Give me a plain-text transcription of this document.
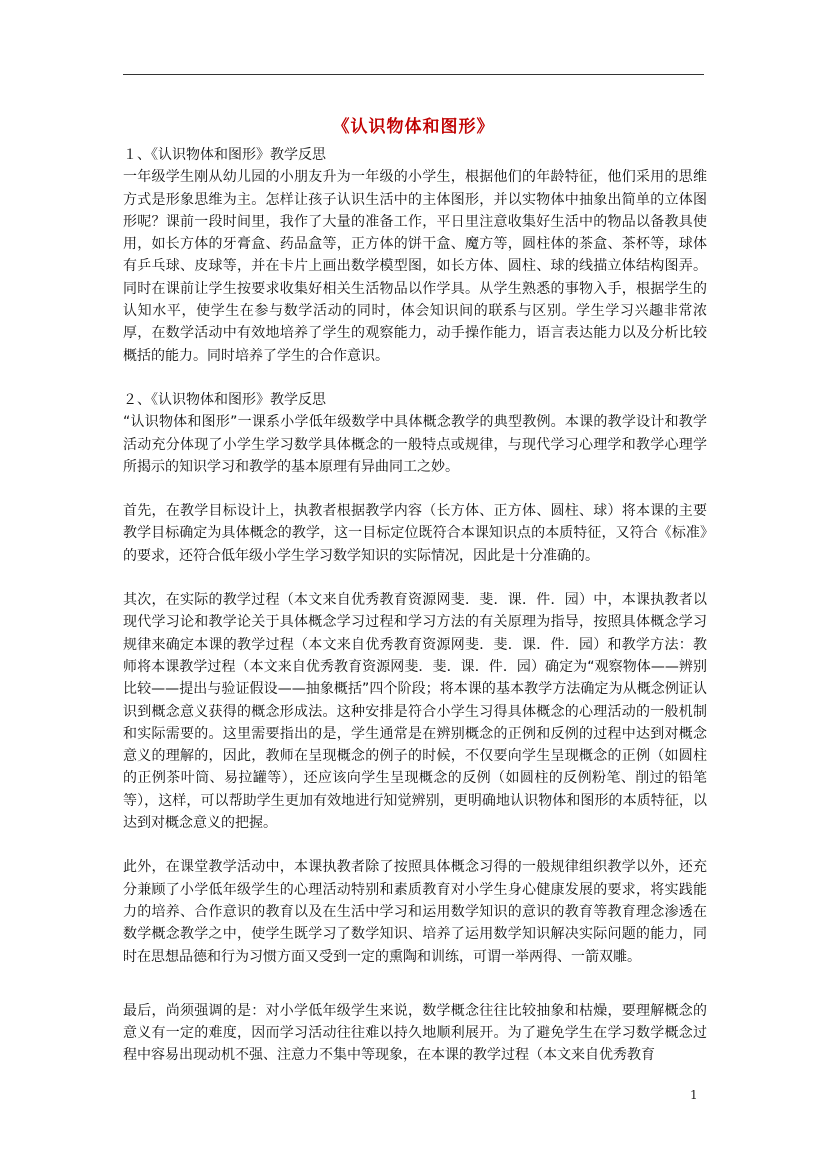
《认识物体和图形》

１、《认识物体和图形》教学反思

一年级学生刚从幼儿园的小朋友升为一年级的小学生，根据他们的年龄特征，他们采用的思维方式是形象思维为主。怎样让孩子认识生活中的主体图形，并以实物体中抽象出简单的立体图形呢？课前一段时间里，我作了大量的准备工作，平日里注意收集好生活中的物品以备教具使用，如长方体的牙膏盒、药品盒等，正方体的饼干盒、魔方等，圆柱体的茶盒、茶杯等，球体有乒乓球、皮球等，并在卡片上画出数学模型图，如长方体、圆柱、球的线描立体结构图弄。同时在课前让学生按要求收集好相关生活物品以作学具。从学生熟悉的事物入手，根据学生的认知水平，使学生在参与数学活动的同时，体会知识间的联系与区别。学生学习兴趣非常浓厚，在数学活动中有效地培养了学生的观察能力，动手操作能力，语言表达能力以及分析比较概括的能力。同时培养了学生的合作意识。

２、《认识物体和图形》教学反思

“认识物体和图形”一课系小学低年级数学中具体概念教学的典型教例。本课的教学设计和教学活动充分体现了小学生学习数学具体概念的一般特点或规律，与现代学习心理学和教学心理学所揭示的知识学习和教学的基本原理有异曲同工之妙。

首先，在教学目标设计上，执教者根据教学内容（长方体、正方体、圆柱、球）将本课的主要教学目标确定为具体概念的教学，这一目标定位既符合本课知识点的本质特征，又符合《标准》的要求，还符合低年级小学生学习数学知识的实际情况，因此是十分准确的。

其次，在实际的教学过程（本文来自优秀教育资源网斐．斐．课．件．园）中，本课执教者以现代学习论和教学论关于具体概念学习过程和学习方法的有关原理为指导，按照具体概念学习规律来确定本课的教学过程（本文来自优秀教育资源网斐．斐．课．件．园）和教学方法：教师将本课教学过程（本文来自优秀教育资源网斐．斐．课．件．园）确定为“观察物体——辨别比较——提出与验证假设——抽象概括”四个阶段；将本课的基本教学方法确定为从概念例证认识到概念意义获得的概念形成法。这种安排是符合小学生习得具体概念的心理活动的一般机制和实际需要的。这里需要指出的是，学生通常是在辨别概念的正例和反例的过程中达到对概念意义的理解的，因此，教师在呈现概念的例子的时候，不仅要向学生呈现概念的正例（如圆柱的正例茶叶筒、易拉罐等），还应该向学生呈现概念的反例（如圆柱的反例粉笔、削过的铅笔等），这样，可以帮助学生更加有效地进行知觉辨别，更明确地认识物体和图形的本质特征，以达到对概念意义的把握。

此外，在课堂教学活动中，本课执教者除了按照具体概念习得的一般规律组织教学以外，还充分兼顾了小学低年级学生的心理活动特别和素质教育对小学生身心健康发展的要求，将实践能力的培养、合作意识的教育以及在生活中学习和运用数学知识的意识的教育等教育理念渗透在数学概念教学之中，使学生既学习了数学知识、培养了运用数学知识解决实际问题的能力，同时在思想品德和行为习惯方面又受到一定的熏陶和训练，可谓一举两得、一箭双雕。

最后，尚须强调的是：对小学低年级学生来说，数学概念往往比较抽象和枯燥，要理解概念的意义有一定的难度，因而学习活动往往难以持久地顺利展开。为了避免学生在学习数学概念过程中容易出现动机不强、注意力不集中等现象，在本课的教学过程（本文来自优秀教育

1
